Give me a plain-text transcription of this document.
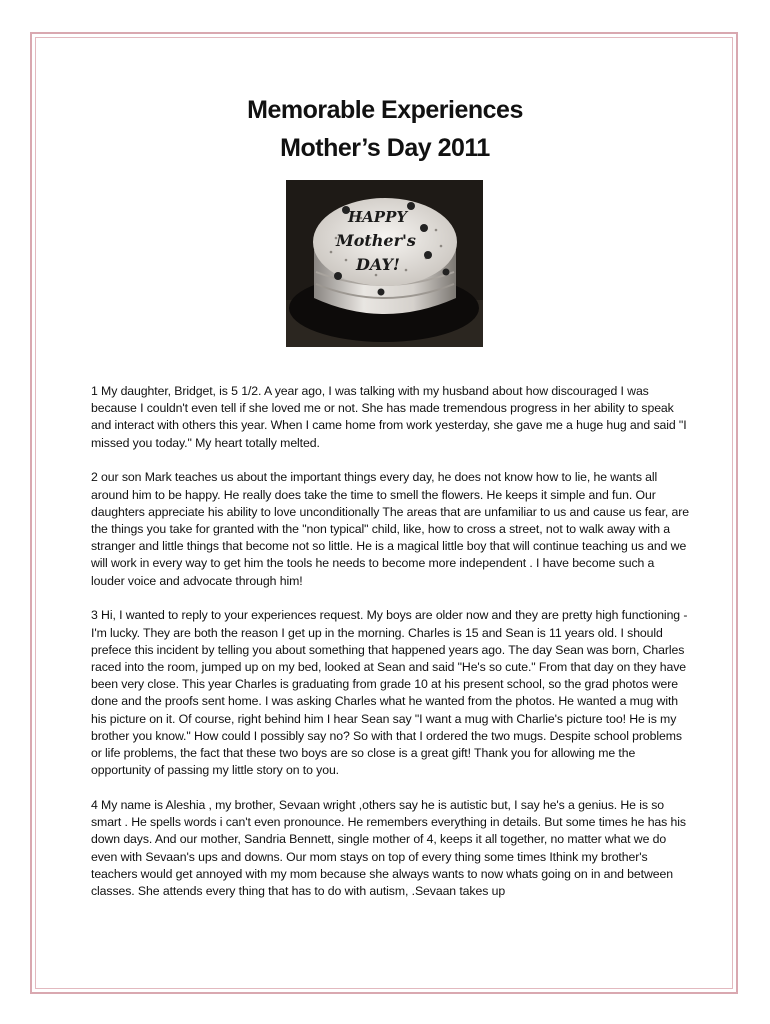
Memorable Experiences
Mother’s Day 2011
HAPPY
Mother's
DAY!

1 My daughter, Bridget, is 5 1/2. A year ago, I was talking with my husband about how discouraged I was because I couldn't even tell if she loved me or not. She has made tremendous progress in her ability to speak and interact with others this year. When I came home from work yesterday, she gave me a huge hug and said "I missed you today." My heart totally melted.

2 our son Mark teaches us about the important things every day, he does not know how to lie, he wants all around him to be happy. He really does take the time to smell the flowers. He keeps it simple and fun. Our daughters appreciate his ability to love unconditionally The areas that are unfamiliar to us and cause us fear, are the things you take for granted with the "non typical" child, like, how to cross a street, not to walk away with a stranger and little things that become not so little. He is a magical little boy that will continue teaching us and we will work in every way to get him the tools he needs to become more independent . I have become such a louder voice and advocate through him!

3 Hi, I wanted to reply to your experiences request. My boys are older now and they are pretty high functioning - I'm lucky. They are both the reason I get up in the morning. Charles is 15 and Sean is 11 years old. I should prefece this incident by telling you about something that happened years ago. The day Sean was born, Charles raced into the room, jumped up on my bed, looked at Sean and said "He's so cute." From that day on they have been very close. This year Charles is graduating from grade 10 at his present school, so the grad photos were done and the proofs sent home. I was asking Charles what he wanted from the photos. He wanted a mug with his picture on it. Of course, right behind him I hear Sean say "I want a mug with Charlie's picture too! He is my brother you know." How could I possibly say no? So with that I ordered the two mugs. Despite school problems or life problems, the fact that these two boys are so close is a great gift! Thank you for allowing me the opportunity of passing my little story on to you.

4 My name is Aleshia , my brother, Sevaan wright ,others say he is autistic but, I say he's a genius. He is so smart . He spells words i can't even pronounce. He remembers everything in details. But some times he has his down days. And our mother, Sandria Bennett, single mother of 4, keeps it all together, no matter what we do even with Sevaan's ups and downs. Our mom stays on top of every thing some times Ithink my brother's teachers would get annoyed with my mom because she always wants to now whats going on in and between classes. She attends every thing that has to do with autism, .Sevaan takes up
